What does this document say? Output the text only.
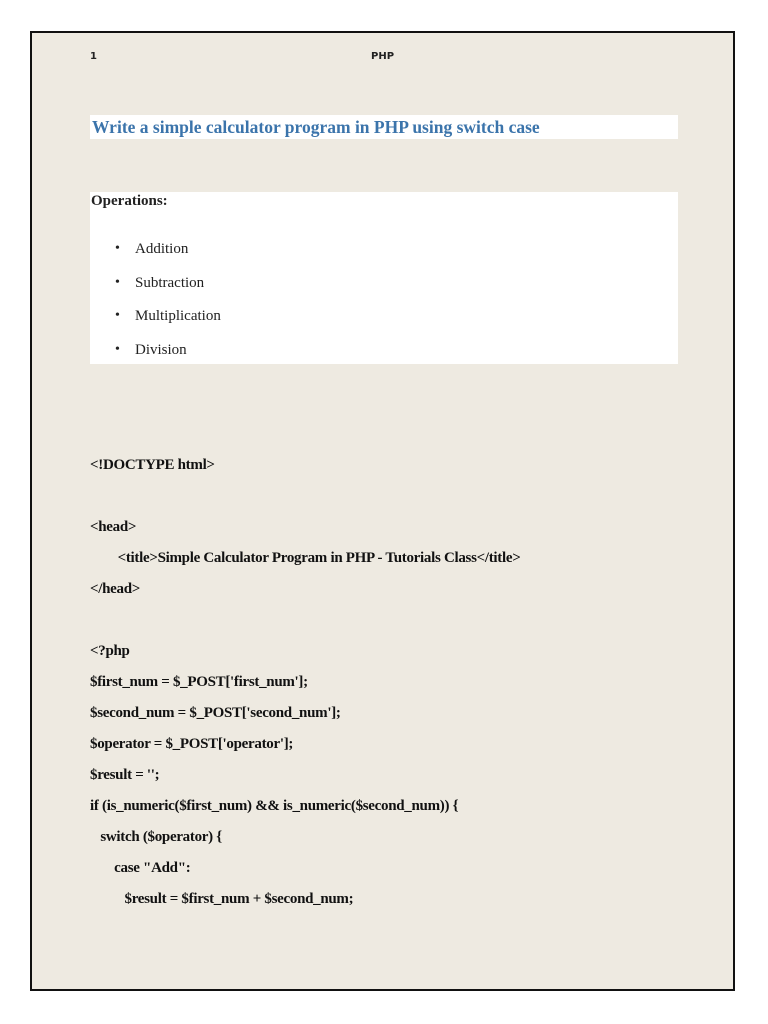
1	PHP
Write a simple calculator program in PHP using switch case
Operations:
• Addition
• Subtraction
• Multiplication
• Division
<!DOCTYPE html>
<head>
<title>Simple Calculator Program in PHP - Tutorials Class</title>
</head>
<?php
$first_num = $_POST['first_num'];
$second_num = $_POST['second_num'];
$operator = $_POST['operator'];
$result = '';
if (is_numeric($first_num) && is_numeric($second_num)) {
switch ($operator) {
case "Add":
$result = $first_num + $second_num;
